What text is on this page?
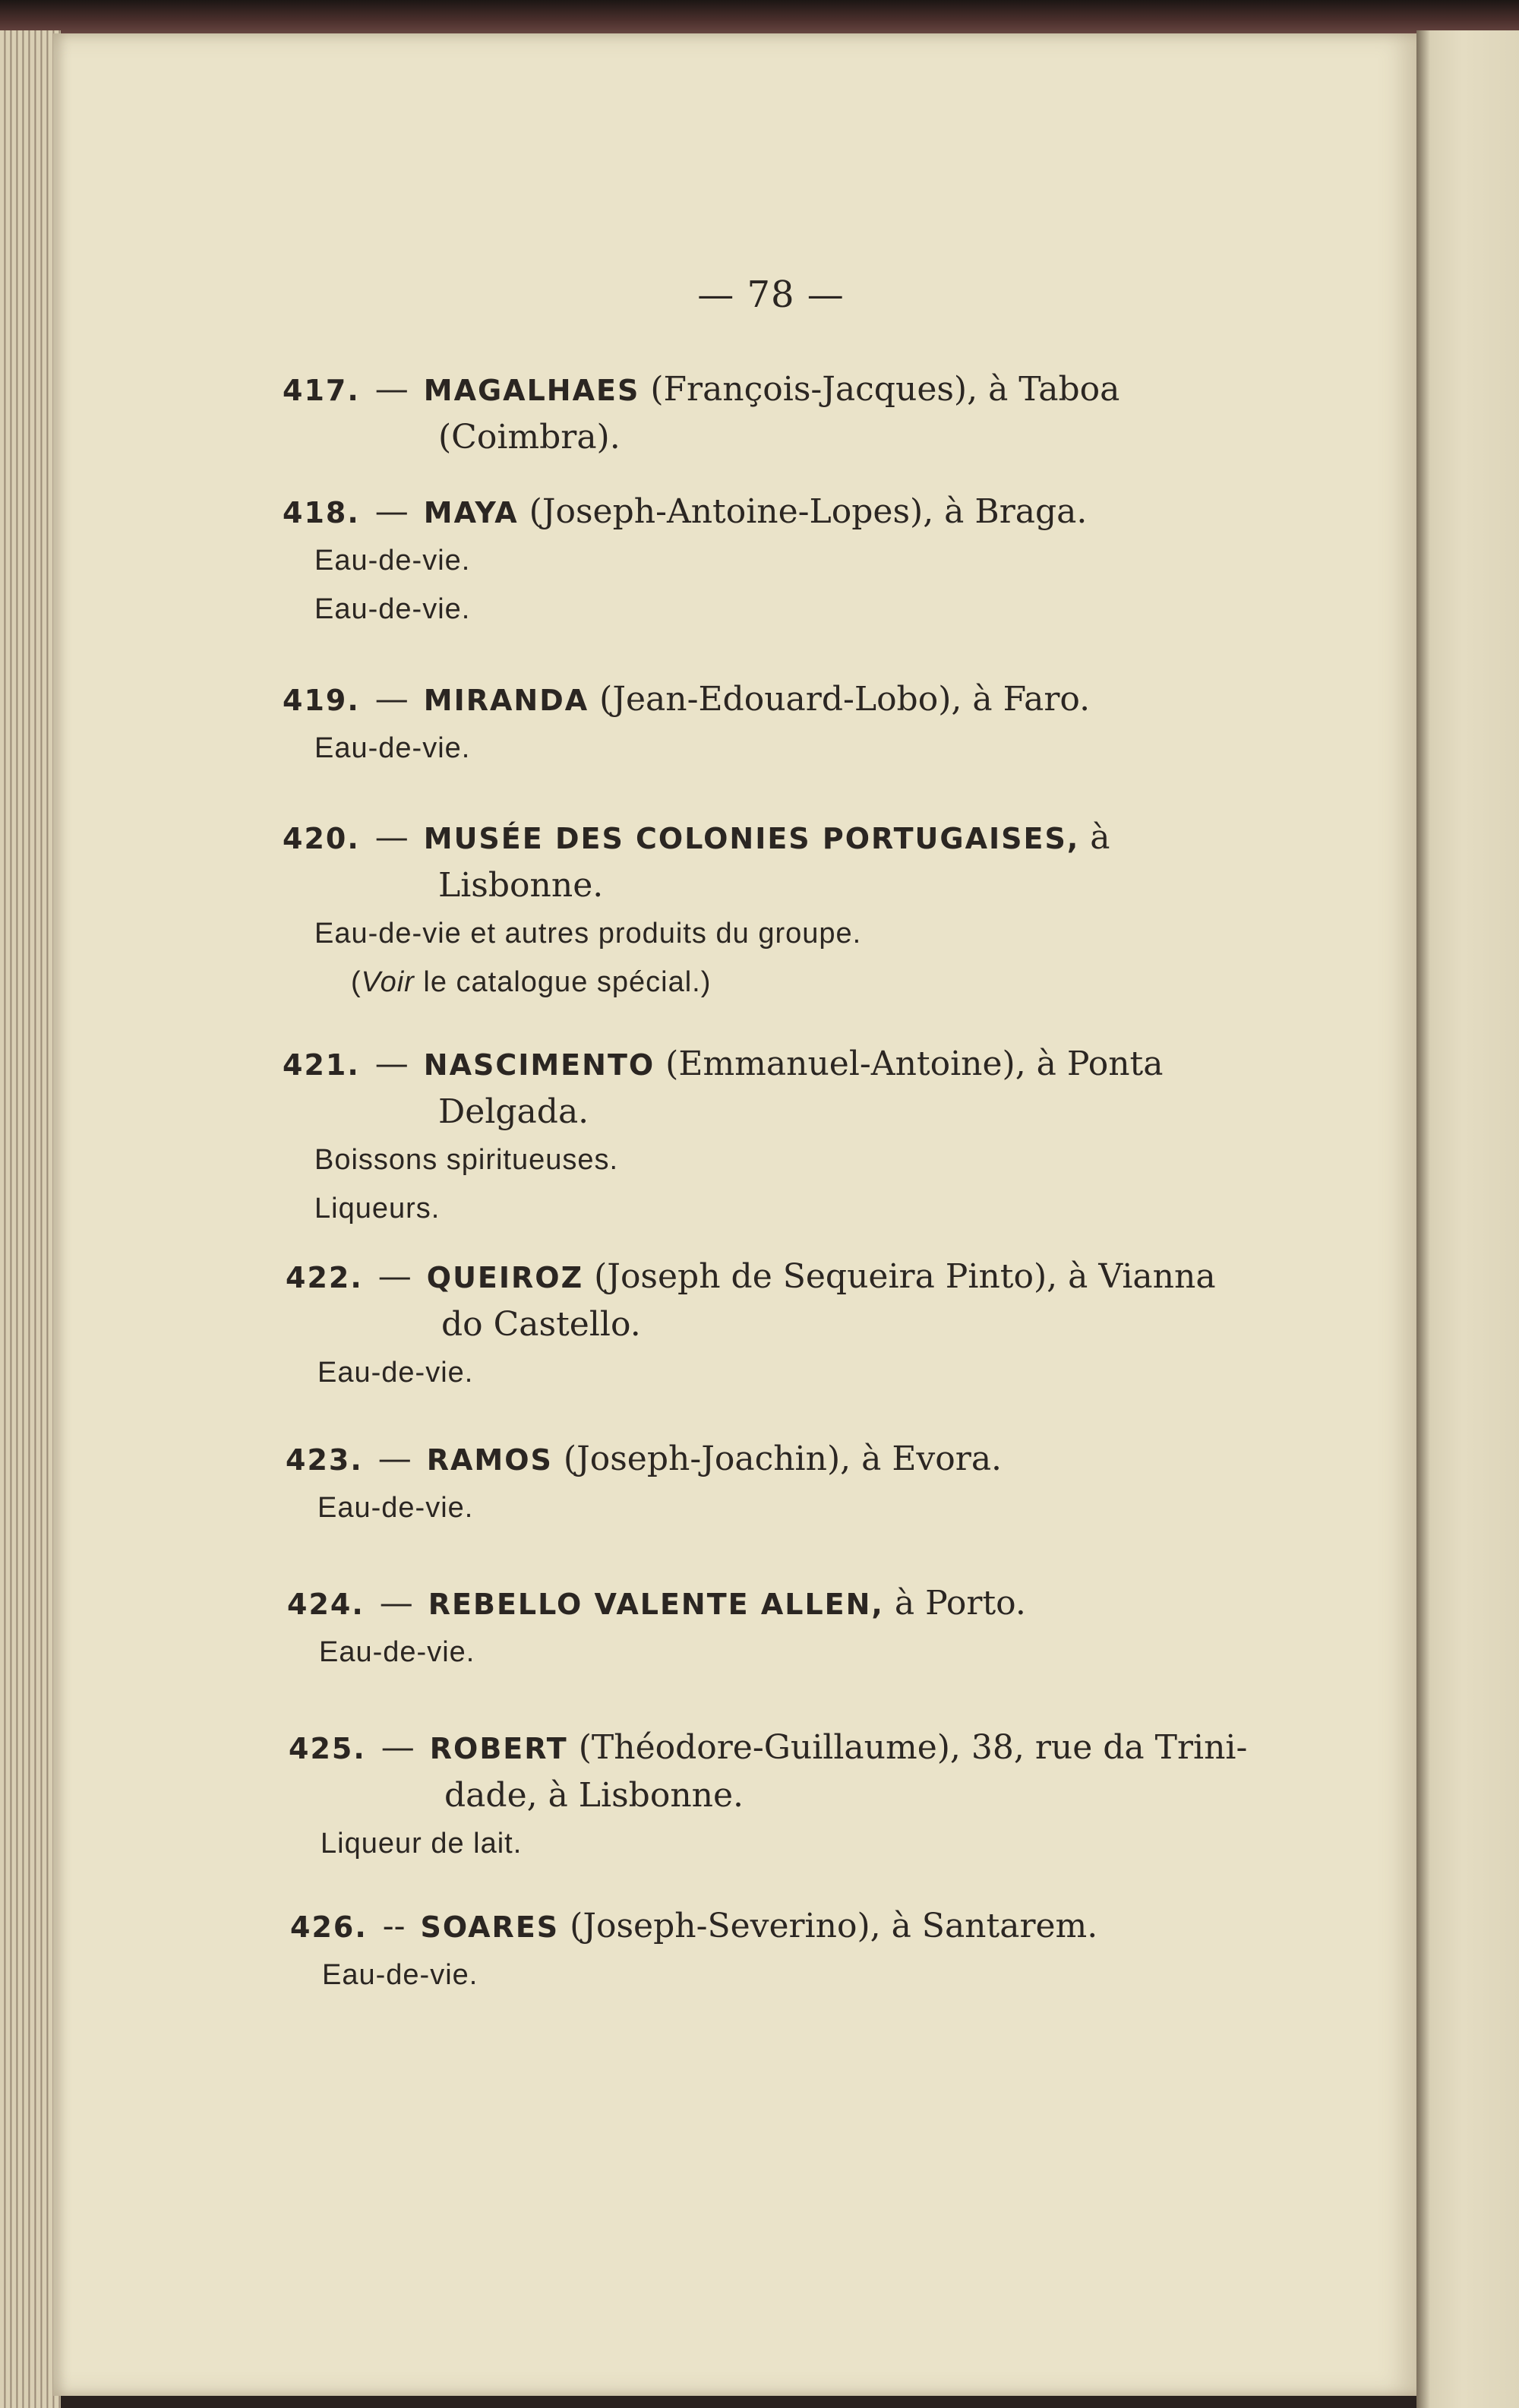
— 78 —
417. — MAGALHAES (François-Jacques), à Taboa
(Coimbra).
418. — MAYA (Joseph-Antoine-Lopes), à Braga.
Eau-de-vie.
Eau-de-vie.
419. — MIRANDA (Jean-Edouard-Lobo), à Faro.
Eau-de-vie.
420. — MUSÉE DES COLONIES PORTUGAISES, à
Lisbonne.
Eau-de-vie et autres produits du groupe.
(Voir le catalogue spécial.)
421. — NASCIMENTO (Emmanuel-Antoine), à Ponta
Delgada.
Boissons spiritueuses.
Liqueurs.
422. — QUEIROZ (Joseph de Sequeira Pinto), à Vianna
do Castello.
Eau-de-vie.
423. — RAMOS (Joseph-Joachin), à Evora.
Eau-de-vie.
424. — REBELLO VALENTE ALLEN, à Porto.
Eau-de-vie.
425. — ROBERT (Théodore-Guillaume), 38, rue da Trini-
dade, à Lisbonne.
Liqueur de lait.
426. -- SOARES (Joseph-Severino), à Santarem.
Eau-de-vie.
